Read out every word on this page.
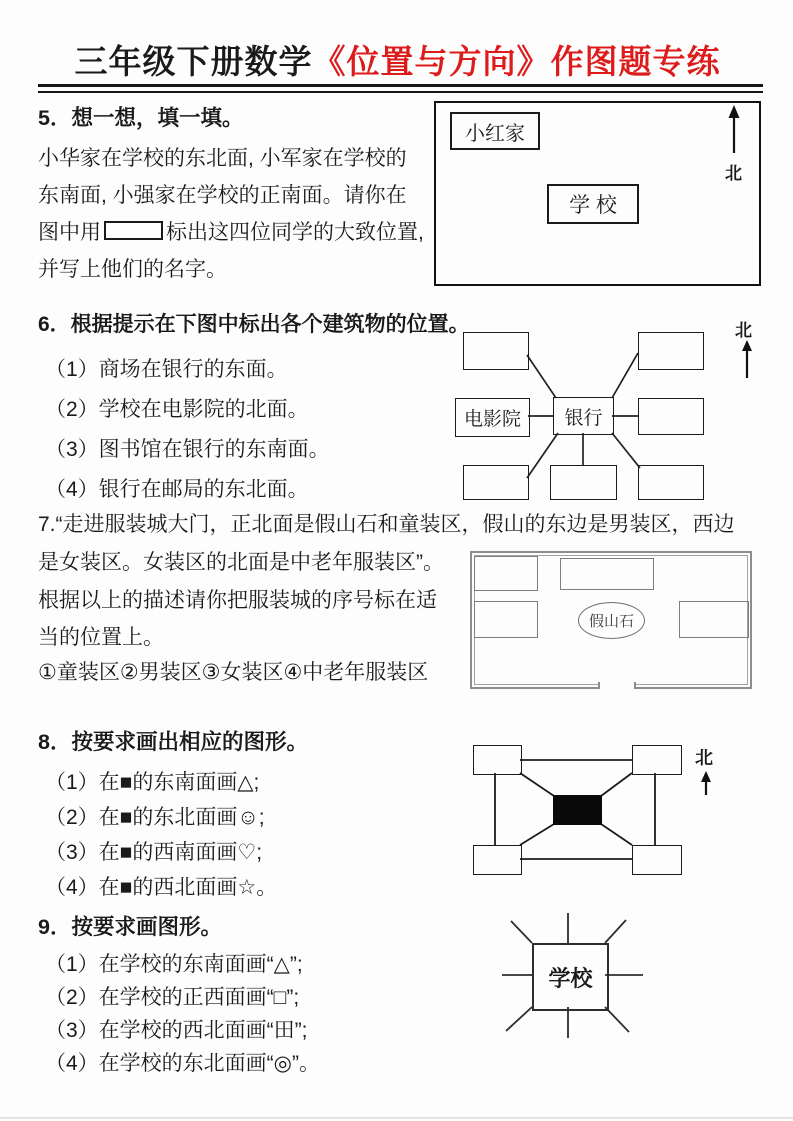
三年级下册数学《位置与方向》作图题专练
5．想一想，填一填。
小华家在学校的东北面, 小军家在学校的
东南面, 小强家在学校的正南面。请你在
图中用	标出这四位同学的大致位置,
并写上他们的名字。
小红家
学 校
北
6．根据提示在下图中标出各个建筑物的位置。
（1）商场在银行的东面。
（2）学校在电影院的北面。
（3）图书馆在银行的东南面。
（4）银行在邮局的东北面。
电影院	银行
北
7.“走进服装城大门，正北面是假山石和童装区，假山的东边是男装区，西边
是女装区。女装区的北面是中老年服装区”。
根据以上的描述请你把服装城的序号标在适
当的位置上。
①童装区②男装区③女装区④中老年服装区
假山石
8．按要求画出相应的图形。
（1）在■的东南面画△;
（2）在■的东北面画☺;
（3）在■的西南面画♡;
（4）在■的西北面画☆。
北
9．按要求画图形。
（1）在学校的东南面画“△”;
（2）在学校的正西面画“□”;
（3）在学校的西北面画“田”;
（4）在学校的东北面画“◎”。
学校
